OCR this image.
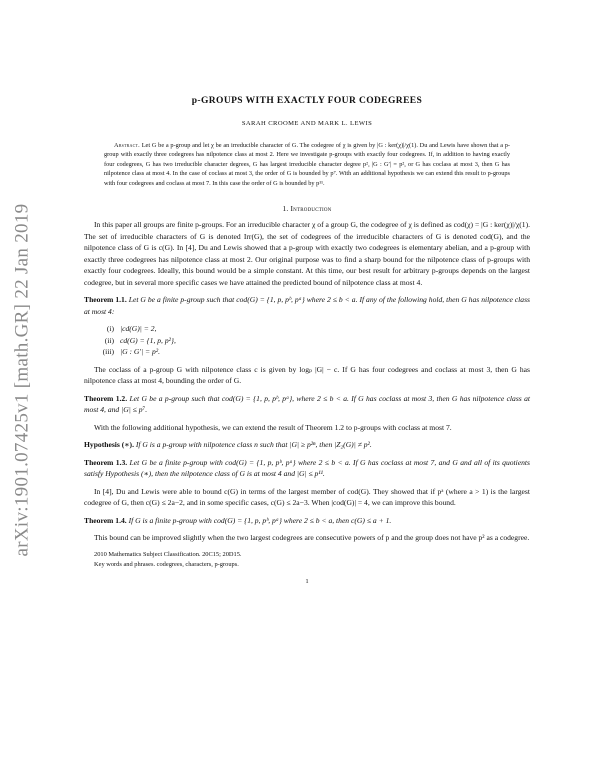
arXiv:1901.07425v1 [math.GR] 22 Jan 2019
p-GROUPS WITH EXACTLY FOUR CODEGREES
SARAH CROOME AND MARK L. LEWIS
Abstract. Let G be a p-group and let χ be an irreducible character of G. The codegree of χ is given by |G : ker(χ)|/χ(1). Du and Lewis have shown that a p-group with exactly three codegrees has nilpotence class at most 2. Here we investigate p-groups with exactly four codegrees. If, in addition to having exactly four codegrees, G has two irreducible character degrees, G has largest irreducible character degree p², |G : G′| = p², or G has coclass at most 3, then G has nilpotence class at most 4. In the case of coclass at most 3, the order of G is bounded by p⁷. With an additional hypothesis we can extend this result to p-groups with four codegrees and coclass at most 7. In this case the order of G is bounded by p¹¹.
1. Introduction

In this paper all groups are finite p-groups. For an irreducible character χ of a group G, the codegree of χ is defined as cod(χ) = |G : ker(χ)|/χ(1). The set of irreducible characters of G is denoted Irr(G), the set of codegrees of the irreducible characters of G is denoted cod(G), and the nilpotence class of G is c(G). In [4], Du and Lewis showed that a p-group with exactly two codegrees is elementary abelian, and a p-group with exactly three codegrees has nilpotence class at most 2. Our original purpose was to find a sharp bound for the nilpotence class of p-groups with exactly four codegrees. Ideally, this bound would be a simple constant. At this time, our best result for arbitrary p-groups depends on the largest codegree, but in several more specific cases we have attained the predicted bound of nilpotence class at most 4.

Theorem 1.1. Let G be a finite p-group such that cod(G) = {1, p, pᵇ, pᵃ} where 2 ≤ b < a. If any of the following hold, then G has nilpotence class at most 4:

(i) |cd(G)| = 2,
(ii) cd(G) = {1, p, p²},
(iii) |G : G′| = p².

The coclass of a p-group G with nilpotence class c is given by logₚ |G| − c. If G has four codegrees and coclass at most 3, then G has nilpotence class at most 4, bounding the order of G.

Theorem 1.2. Let G be a p-group such that cod(G) = {1, p, pᵇ, pᵃ}, where 2 ≤ b < a. If G has coclass at most 3, then G has nilpotence class at most 4, and |G| ≤ p⁷.

With the following additional hypothesis, we can extend the result of Theorem 1.2 to p-groups with coclass at most 7.

Hypothesis (∗). If G is a p-group with nilpotence class n such that |G| ≥ p²ⁿ, then |Z₂(G)| ≠ p².

Theorem 1.3. Let G be a finite p-group with cod(G) = {1, p, pᵇ, pᵃ} where 2 ≤ b < a. If G has coclass at most 7, and G and all of its quotients satisfy Hypothesis (∗), then the nilpotence class of G is at most 4 and |G| ≤ p¹¹.

In [4], Du and Lewis were able to bound c(G) in terms of the largest member of cod(G). They showed that if pᵃ (where a > 1) is the largest codegree of G, then c(G) ≤ 2a−2, and in some specific cases, c(G) ≤ 2a−3. When |cod(G)| = 4, we can improve this bound.

Theorem 1.4. If G is a finite p-group with cod(G) = {1, p, pᵇ, pᵃ} where 2 ≤ b < a, then c(G) ≤ a + 1.

This bound can be improved slightly when the two largest codegrees are consecutive powers of p and the group does not have p² as a codegree.

2010 Mathematics Subject Classification. 20C15; 20D15.
Key words and phrases. codegrees, characters, p-groups.
1
